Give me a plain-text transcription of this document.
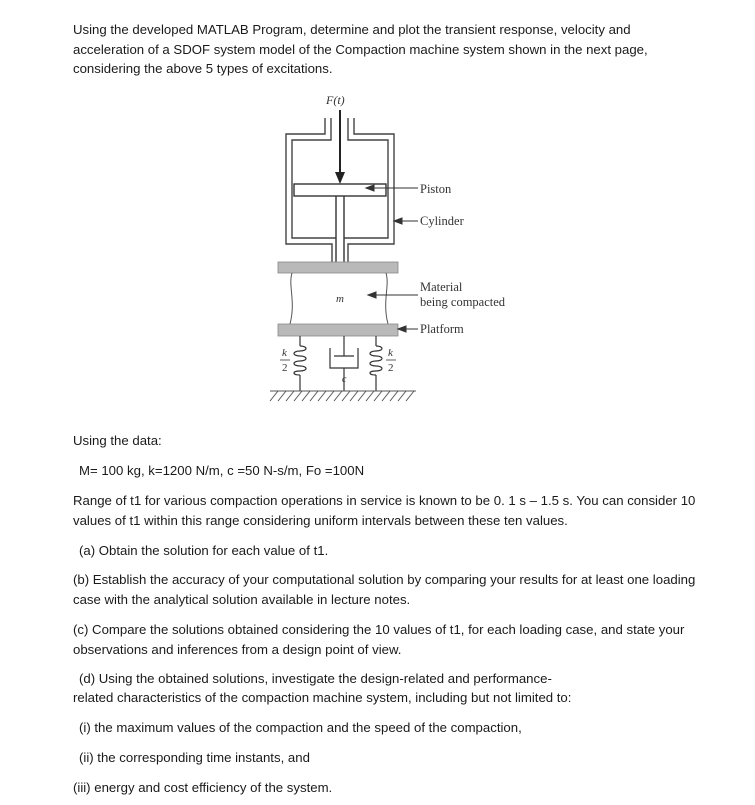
Using the developed MATLAB Program, determine and plot the transient response, velocity and acceleration of a SDOF system model of the Compaction machine system shown in the next page, considering the above 5 types of excitations.

F(t)
m
k
2
k
2
c
Piston
Cylinder
Material
being compacted
Platform

Using the data:

M= 100 kg, k=1200 N/m, c =50 N-s/m, Fo =100N

Range of t1 for various compaction operations in service is known to be 0. 1 s – 1.5 s. You can consider 10 values of t1 within this range considering uniform intervals between these ten values.

(a) Obtain the solution for each value of t1.

(b) Establish the accuracy of your computational solution by comparing your results for at least one loading case with the analytical solution available in lecture notes.

(c) Compare the solutions obtained considering the 10 values of t1, for each loading case, and state your observations and inferences from a design point of view.

(d) Using the obtained solutions, investigate the design-related and performance-

related characteristics of the compaction machine system, including but not limited to:

(i) the maximum values of the compaction and the speed of the compaction,

(ii) the corresponding time instants, and

(iii) energy and cost efficiency of the system.
